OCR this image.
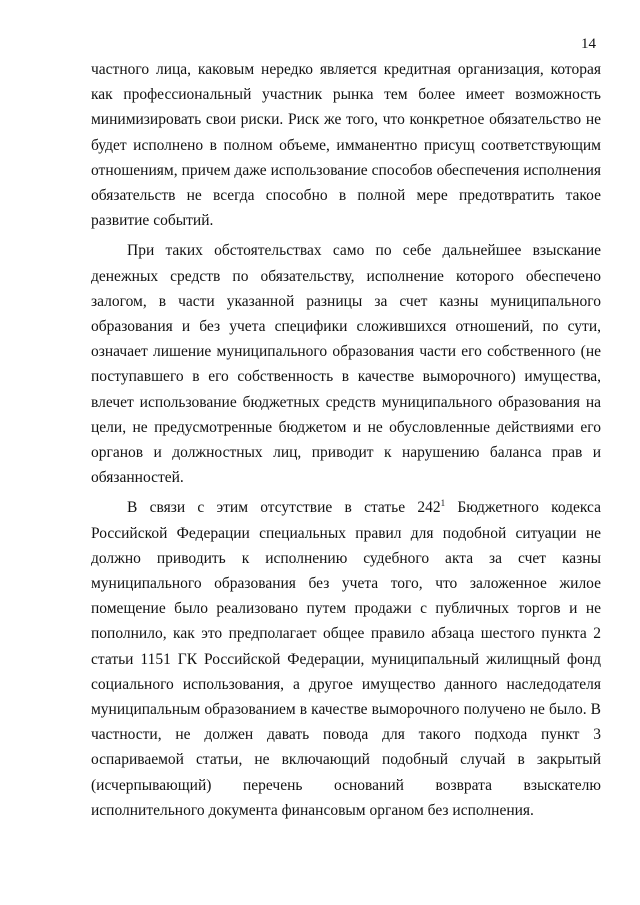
14

частного лица, каковым нередко является кредитная организация, которая как профессиональный участник рынка тем более имеет возможность минимизировать свои риски. Риск же того, что конкретное обязательство не будет исполнено в полном объеме, имманентно присущ соответствующим отношениям, причем даже использование способов обеспечения исполнения обязательств не всегда способно в полной мере предотвратить такое развитие событий.

При таких обстоятельствах само по себе дальнейшее взыскание денежных средств по обязательству, исполнение которого обеспечено залогом, в части указанной разницы за счет казны муниципального образования и без учета специфики сложившихся отношений, по сути, означает лишение муниципального образования части его собственного (не поступавшего в его собственность в качестве выморочного) имущества, влечет использование бюджетных средств муниципального образования на цели, не предусмотренные бюджетом и не обусловленные действиями его органов и должностных лиц, приводит к нарушению баланса прав и обязанностей.

В связи с этим отсутствие в статье $242^1$ Бюджетного кодекса Российской Федерации специальных правил для подобной ситуации не должно приводить к исполнению судебного акта за счет казны муниципального образования без учета того, что заложенное жилое помещение было реализовано путем продажи с публичных торгов и не пополнило, как это предполагает общее правило абзаца шестого пункта 2 статьи 1151 ГК Российской Федерации, муниципальный жилищный фонд социального использования, а другое имущество данного наследодателя муниципальным образованием в качестве выморочного получено не было. В частности, не должен давать повода для такого подхода пункт 3 оспариваемой статьи, не включающий подобный случай в закрытый (исчерпывающий) перечень оснований возврата взыскателю исполнительного документа финансовым органом без исполнения.
